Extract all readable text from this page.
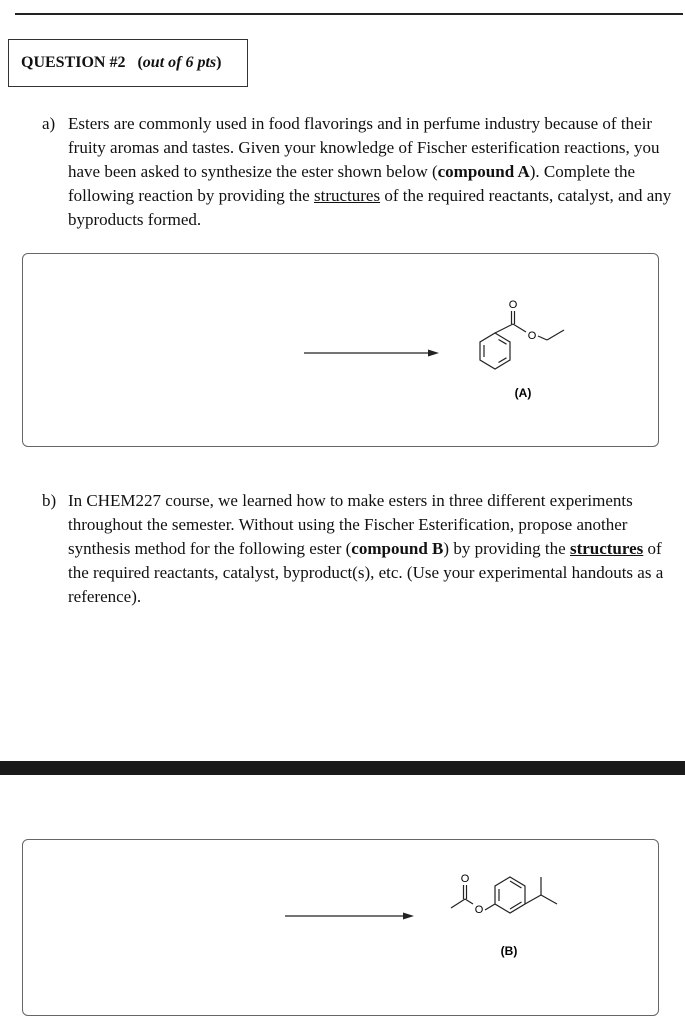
QUESTION #2 (out of 6 pts)
a) Esters are commonly used in food flavorings and in perfume industry because of their fruity aromas and tastes. Given your knowledge of Fischer esterification reactions, you have been asked to synthesize the ester shown below (compound A). Complete the following reaction by providing the structures of the required reactants, catalyst, and any byproducts formed.
O
O
(A)
b) In CHEM227 course, we learned how to make esters in three different experiments throughout the semester. Without using the Fischer Esterification, propose another synthesis method for the following ester (compound B) by providing the structures of the required reactants, catalyst, byproduct(s), etc. (Use your experimental handouts as a reference).
O
O
(B)
